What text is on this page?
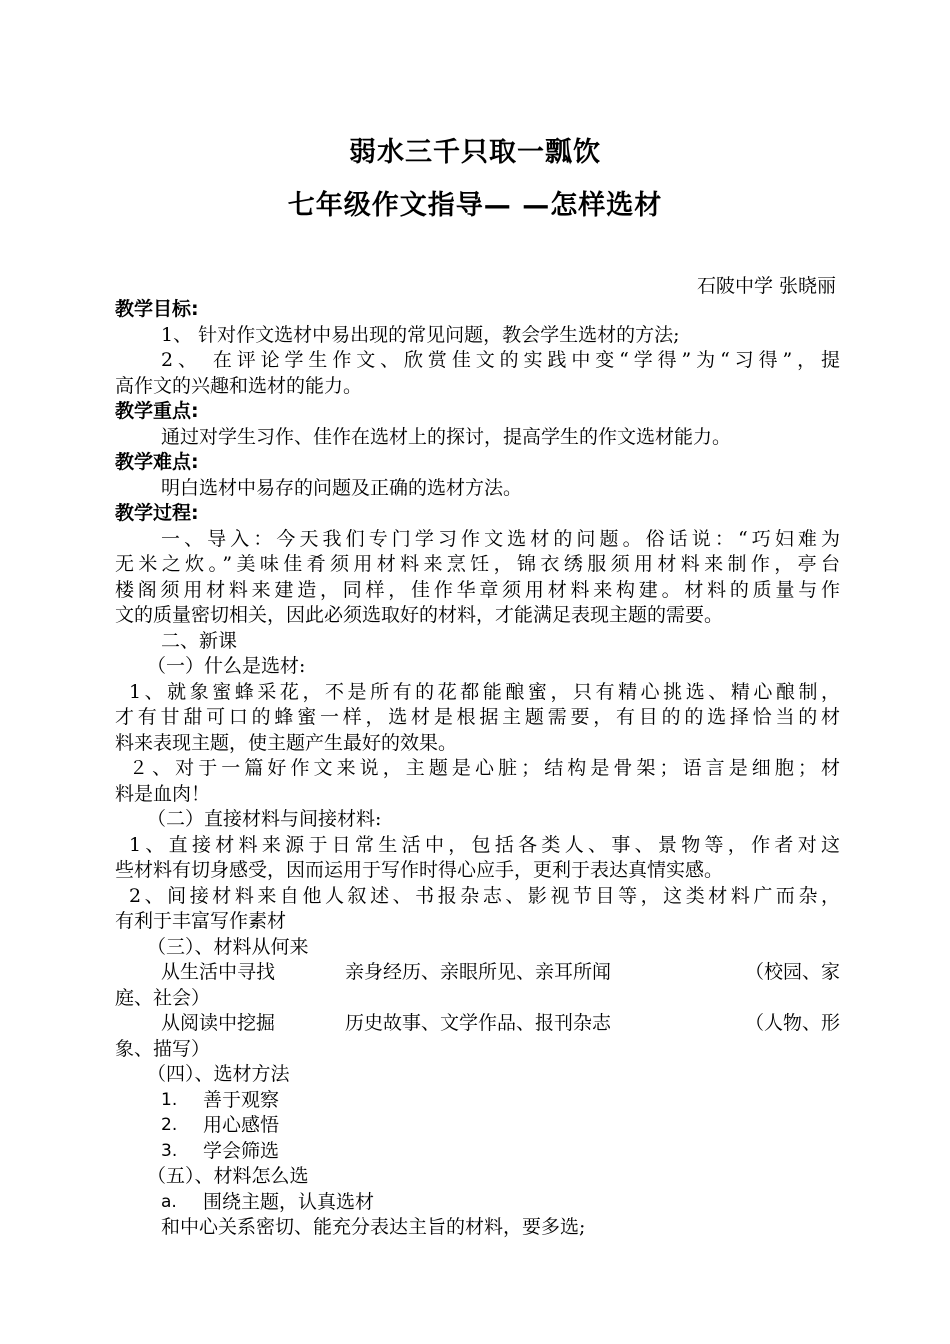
弱水三千只取一瓢饮
七年级作文指导— —怎样选材
石陂中学 张晓丽
教学目标:
1、 针对作文选材中易出现的常见问题，教会学生选材的方法;
2、 在评论学生作文、欣赏佳文的实践中变“学得”为“习得”，提
高作文的兴趣和选材的能力。
教学重点:
通过对学生习作、佳作在选材上的探讨，提高学生的作文选材能力。
教学难点:
明白选材中易存的问题及正确的选材方法。
教学过程:
一、导入：今天我们专门学习作文选材的问题。俗话说：“巧妇难为
无米之炊。”美味佳肴须用材料来烹饪，锦衣绣服须用材料来制作，亭台
楼阁须用材料来建造，同样，佳作华章须用材料来构建。材料的质量与作
文的质量密切相关，因此必须选取好的材料，才能满足表现主题的需要。
二、新课
（一）什么是选材:
1、就象蜜蜂采花，不是所有的花都能酿蜜，只有精心挑选、精心酿制，
才有甘甜可口的蜂蜜一样，选材是根据主题需要，有目的的选择恰当的材
料来表现主题，使主题产生最好的效果。
２、对于一篇好作文来说，主题是心脏；结构是骨架；语言是细胞；材
料是血肉！
（二）直接材料与间接材料:
1、直接材料来源于日常生活中，包括各类人、事、景物等，作者对这
些材料有切身感受，因而运用于写作时得心应手，更利于表达真情实感。
2、间接材料来自他人叙述、书报杂志、影视节目等，这类材料广而杂，
有利于丰富写作素材
（三）、材料从何来
从生活中寻找	亲身经历、亲眼所见、亲耳所闻	（校园、家
庭、社会）
从阅读中挖掘	历史故事、文学作品、报刊杂志	（人物、形
象、描写）
（四）、选材方法
1.	善于观察
2.	用心感悟
3.	学会筛选
（五）、材料怎么选
a.	围绕主题，认真选材
和中心关系密切、能充分表达主旨的材料，要多选;
